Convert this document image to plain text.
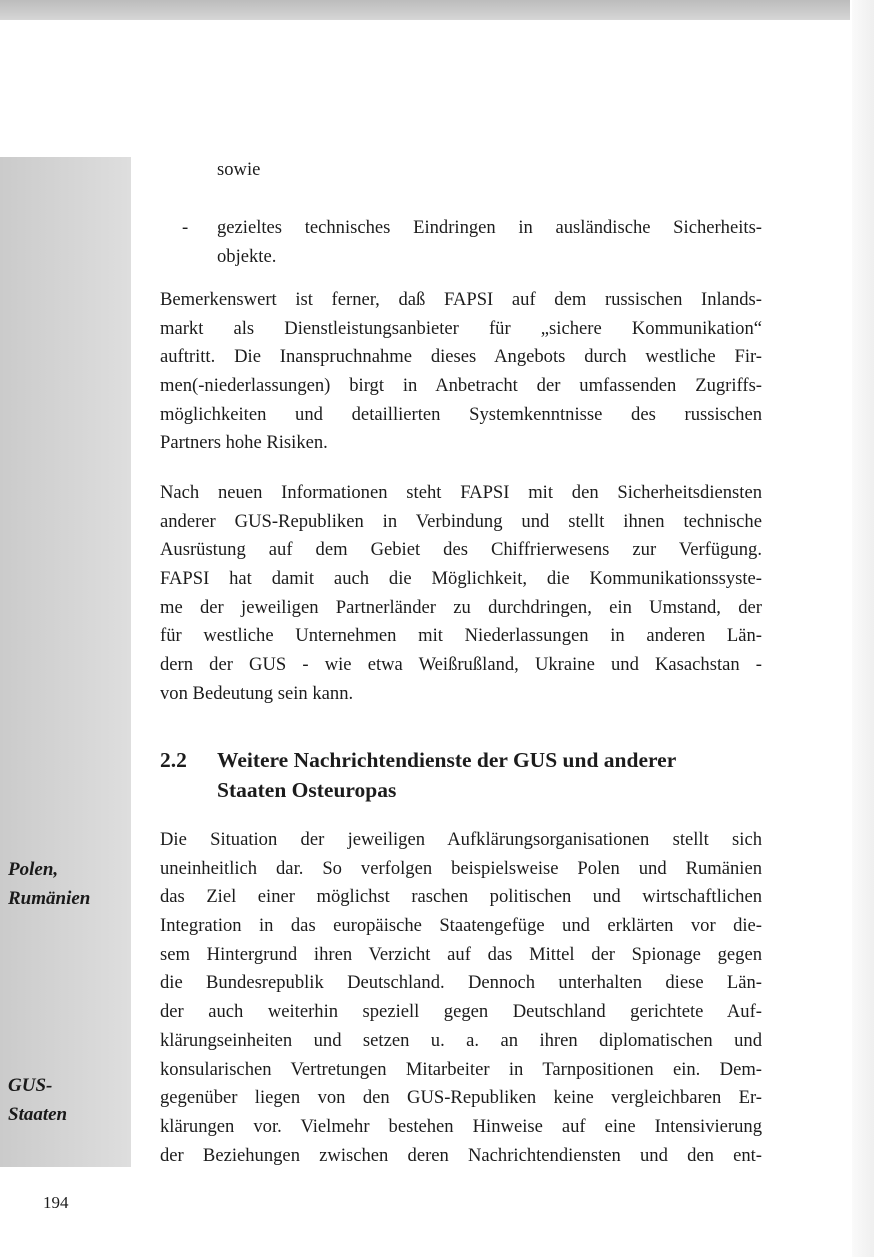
sowie
- gezieltes technisches Eindringen in ausländische Sicherheits-
objekte.
Bemerkenswert ist ferner, daß FAPSI auf dem russischen Inlands-
markt als Dienstleistungsanbieter für „sichere Kommunikation“
auftritt. Die Inanspruchnahme dieses Angebots durch westliche Fir-
men(-niederlassungen) birgt in Anbetracht der umfassenden Zugriffs-
möglichkeiten und detaillierten Systemkenntnisse des russischen
Partners hohe Risiken.
Nach neuen Informationen steht FAPSI mit den Sicherheitsdiensten
anderer GUS-Republiken in Verbindung und stellt ihnen technische
Ausrüstung auf dem Gebiet des Chiffrierwesens zur Verfügung.
FAPSI hat damit auch die Möglichkeit, die Kommunikationssyste-
me der jeweiligen Partnerländer zu durchdringen, ein Umstand, der
für westliche Unternehmen mit Niederlassungen in anderen Län-
dern der GUS - wie etwa Weißrußland, Ukraine und Kasachstan -
von Bedeutung sein kann.
2.2 Weitere Nachrichtendienste der GUS und anderer
Staaten Osteuropas
Die Situation der jeweiligen Aufklärungsorganisationen stellt sich
uneinheitlich dar. So verfolgen beispielsweise Polen und Rumänien
das Ziel einer möglichst raschen politischen und wirtschaftlichen
Integration in das europäische Staatengefüge und erklärten vor die-
sem Hintergrund ihren Verzicht auf das Mittel der Spionage gegen
die Bundesrepublik Deutschland. Dennoch unterhalten diese Län-
der auch weiterhin speziell gegen Deutschland gerichtete Auf-
klärungseinheiten und setzen u. a. an ihren diplomatischen und
konsularischen Vertretungen Mitarbeiter in Tarnpositionen ein. Dem-
gegenüber liegen von den GUS-Republiken keine vergleichbaren Er-
klärungen vor. Vielmehr bestehen Hinweise auf eine Intensivierung
der Beziehungen zwischen deren Nachrichtendiensten und den ent-
Polen,
Rumänien
GUS-
Staaten
194
